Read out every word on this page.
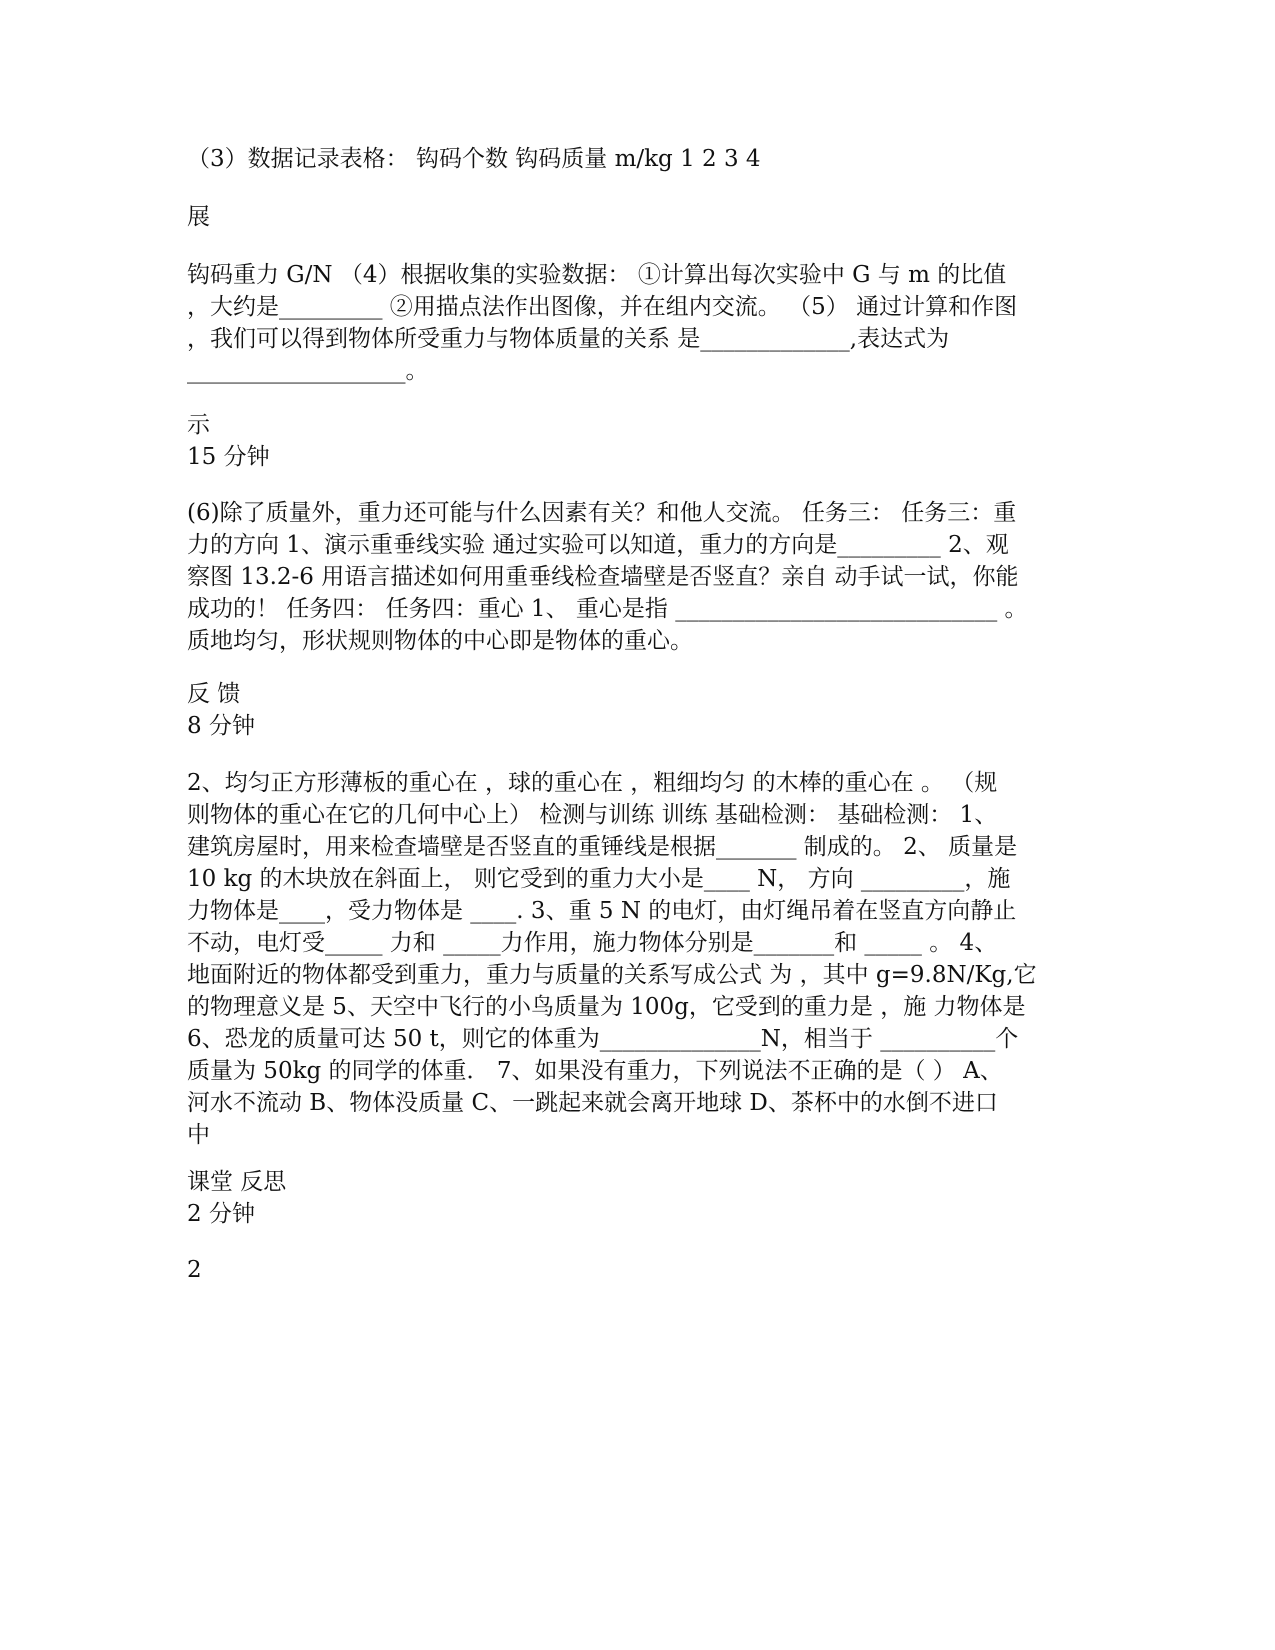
（3）数据记录表格： 钩码个数 钩码质量 m/kg 1 2 3 4
展
钩码重力 G/N （4）根据收集的实验数据： ①计算出每次实验中 G 与 m 的比值
，大约是_________ ②用描点法作出图像，并在组内交流。 （5） 通过计算和作图
，我们可以得到物体所受重力与物体质量的关系 是_____________,表达式为
___________________。
示
15 分钟
(6)除了质量外，重力还可能与什么因素有关？和他人交流。 任务三： 任务三：重
力的方向 1、演示重垂线实验 通过实验可以知道，重力的方向是_________ 2、观
察图 13.2-6 用语言描述如何用重垂线检查墙壁是否竖直？亲自 动手试一试，你能
成功的！ 任务四： 任务四：重心 1、 重心是指 ____________________________ 。
质地均匀，形状规则物体的中心即是物体的重心。
反 馈
8 分钟
2、均匀正方形薄板的重心在 ，球的重心在 ，粗细均匀 的木棒的重心在 。 （规
则物体的重心在它的几何中心上） 检测与训练 训练 基础检测： 基础检测： 1、
建筑房屋时，用来检查墙壁是否竖直的重锤线是根据_______ 制成的。 2、 质量是
10 kg 的木块放在斜面上， 则它受到的重力大小是____ N， 方向 _________，施
力物体是____，受力物体是 ____. 3、重 5 N 的电灯，由灯绳吊着在竖直方向静止
不动，电灯受_____ 力和 _____力作用，施力物体分别是_______和 _____ 。 4、
地面附近的物体都受到重力，重力与质量的关系写成公式 为 ，其中 g=9.8N/Kg,它
的物理意义是 5、天空中飞行的小鸟质量为 100g，它受到的重力是 ，施 力物体是
6、恐龙的质量可达 50 t，则它的体重为______________N，相当于 __________个
质量为 50kg 的同学的体重． 7、如果没有重力，下列说法不正确的是（ ） A、
河水不流动 B、物体没质量 C、一跳起来就会离开地球 D、茶杯中的水倒不进口
中
课堂 反思
2 分钟
2
